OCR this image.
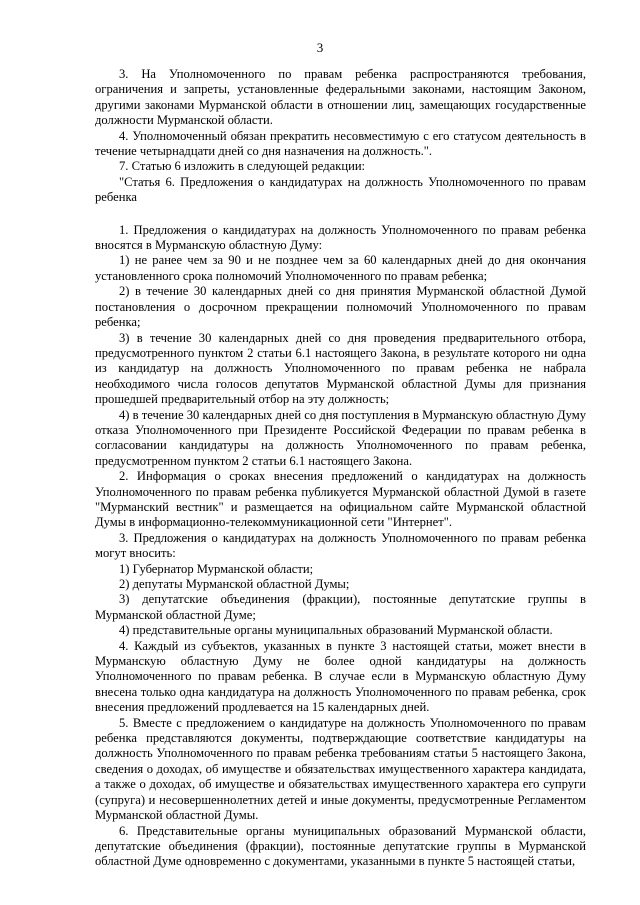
3

3. На Уполномоченного по правам ребенка распространяются требования, ограничения и запреты, установленные федеральными законами, настоящим Законом, другими законами Мурманской области в отношении лиц, замещающих государственные должности Мурманской области.

4. Уполномоченный обязан прекратить несовместимую с его статусом деятельность в течение четырнадцати дней со дня назначения на должность.".

7. Статью 6 изложить в следующей редакции:

"Статья 6. Предложения о кандидатурах на должность Уполномоченного по правам ребенка

1. Предложения о кандидатурах на должность Уполномоченного по правам ребенка вносятся в Мурманскую областную Думу:

1) не ранее чем за 90 и не позднее чем за 60 календарных дней до дня окончания установленного срока полномочий Уполномоченного по правам ребенка;

2) в течение 30 календарных дней со дня принятия Мурманской областной Думой постановления о досрочном прекращении полномочий Уполномоченного по правам ребенка;

3) в течение 30 календарных дней со дня проведения предварительного отбора, предусмотренного пунктом 2 статьи 6.1 настоящего Закона, в результате которого ни одна из кандидатур на должность Уполномоченного по правам ребенка не набрала необходимого числа голосов депутатов Мурманской областной Думы для признания прошедшей предварительный отбор на эту должность;

4) в течение 30 календарных дней со дня поступления в Мурманскую областную Думу отказа Уполномоченного при Президенте Российской Федерации по правам ребенка в согласовании кандидатуры на должность Уполномоченного по правам ребенка, предусмотренном пунктом 2 статьи 6.1 настоящего Закона.

2. Информация о сроках внесения предложений о кандидатурах на должность Уполномоченного по правам ребенка публикуется Мурманской областной Думой в газете "Мурманский вестник" и размещается на официальном сайте Мурманской областной Думы в информационно-телекоммуникационной сети "Интернет".

3. Предложения о кандидатурах на должность Уполномоченного по правам ребенка могут вносить:

1) Губернатор Мурманской области;

2) депутаты Мурманской областной Думы;

3) депутатские объединения (фракции), постоянные депутатские группы в Мурманской областной Думе;

4) представительные органы муниципальных образований Мурманской области.

4. Каждый из субъектов, указанных в пункте 3 настоящей статьи, может внести в Мурманскую областную Думу не более одной кандидатуры на должность Уполномоченного по правам ребенка. В случае если в Мурманскую областную Думу внесена только одна кандидатура на должность Уполномоченного по правам ребенка, срок внесения предложений продлевается на 15 календарных дней.

5. Вместе с предложением о кандидатуре на должность Уполномоченного по правам ребенка представляются документы, подтверждающие соответствие кандидатуры на должность Уполномоченного по правам ребенка требованиям статьи 5 настоящего Закона, сведения о доходах, об имуществе и обязательствах имущественного характера кандидата, а также о доходах, об имуществе и обязательствах имущественного характера его супруги (супруга) и несовершеннолетних детей и иные документы, предусмотренные Регламентом Мурманской областной Думы.

6. Представительные органы муниципальных образований Мурманской области, депутатские объединения (фракции), постоянные депутатские группы в Мурманской областной Думе одновременно с документами, указанными в пункте 5 настоящей статьи,
